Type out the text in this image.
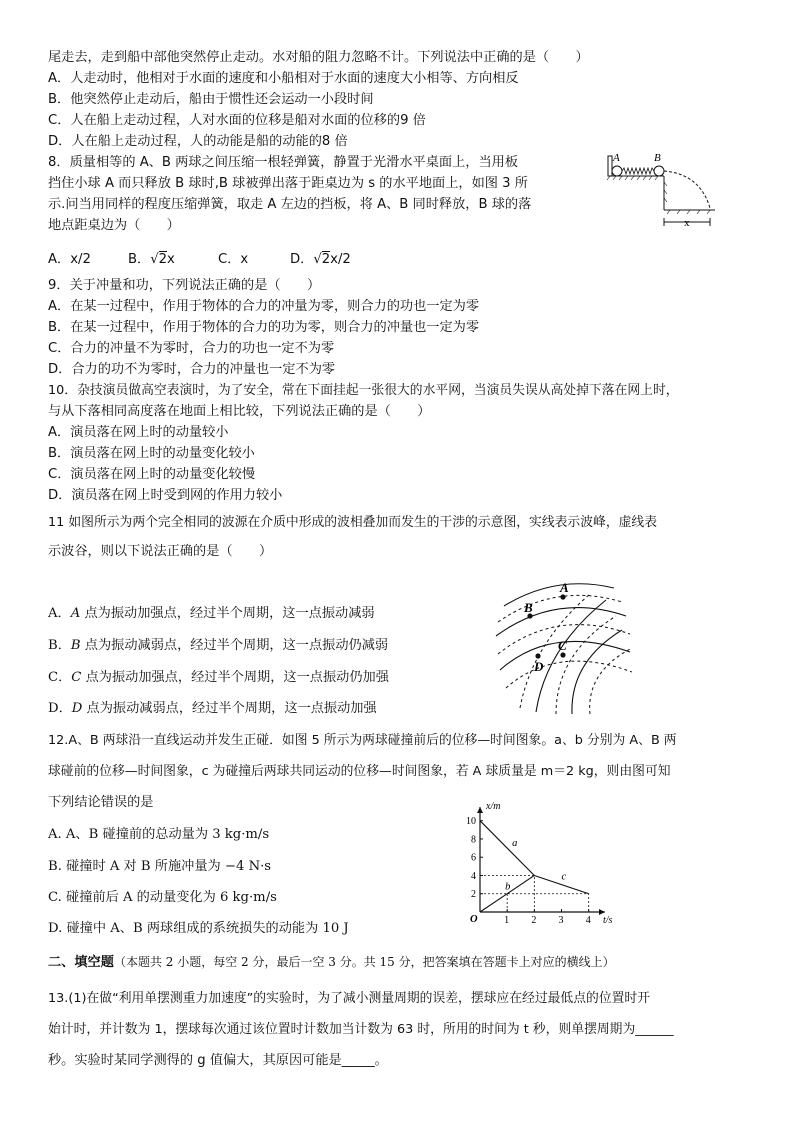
尾走去，走到船中部他突然停止走动。水对船的阻力忽略不计。下列说法中正确的是（　　）
A．人走动时，他相对于水面的速度和小船相对于水面的速度大小相等、方向相反
B．他突然停止走动后，船由于惯性还会运动一小段时间
C．人在船上走动过程，人对水面的位移是船对水面的位移的9 倍
D．人在船上走动过程，人的动能是船的动能的8 倍
8．质量相等的 A、B 两球之间压缩一根轻弹簧，静置于光滑水平桌面上，当用板
挡住小球 A 而只释放 B 球时,B 球被弹出落于距桌边为 s 的水平地面上，如图 3 所
示.问当用同样的程度压缩弹簧，取走 A 左边的挡板，将 A、B 同时释放，B 球的落
地点距桌边为（　　）
A．x/2	B．√2x	C．x	D．√2x/2
A	B
x
9．关于冲量和功，下列说法正确的是（　　）
A．在某一过程中，作用于物体的合力的冲量为零，则合力的功也一定为零
B．在某一过程中，作用于物体的合力的功为零，则合力的冲量也一定为零
C．合力的冲量不为零时，合力的功也一定不为零
D．合力的功不为零时，合力的冲量也一定不为零
10．杂技演员做高空表演时，为了安全，常在下面挂起一张很大的水平网，当演员失误从高处掉下落在网上时，
与从下落相同高度落在地面上相比较，下列说法正确的是（　　）
A．演员落在网上时的动量较小
B．演员落在网上时的动量变化较小
C．演员落在网上时的动量变化较慢
D．演员落在网上时受到网的作用力较小
11 如图所示为两个完全相同的波源在介质中形成的波相叠加而发生的干涉的示意图，实线表示波峰，虚线表
示波谷，则以下说法正确的是（　　）
A．A 点为振动加强点，经过半个周期，这一点振动减弱
B．B 点为振动减弱点，经过半个周期，这一点振动仍减弱
C．C 点为振动加强点，经过半个周期，这一点振动仍加强
D．D 点为振动减弱点，经过半个周期，这一点振动加强
A
B
C
D
12.A、B 两球沿一直线运动并发生正碰．如图 5 所示为两球碰撞前后的位移—时间图象。a、b 分别为 A、B 两
球碰前的位移—时间图象，c 为碰撞后两球共同运动的位移—时间图象，若 A 球质量是 m＝2 kg，则由图可知
下列结论错误的是
A. A、B 碰撞前的总动量为 3 kg·m/s
B. 碰撞时 A 对 B 所施冲量为 −4 N·s
C. 碰撞前后 A 的动量变化为 6 kg·m/s
D. 碰撞中 A、B 两球组成的系统损失的动能为 10 J
1 2 3 4
2
4
6
8
10
a
b
c
t/s
x/m
O
二、填空题（本题共 2 小题，每空 2 分，最后一空 3 分。共 15 分，把答案填在答题卡上对应的横线上）
13.(1)在做“利用单摆测重力加速度”的实验时，为了减小测量周期的误差，摆球应在经过最低点的位置时开
始计时，并计数为 1，摆球每次通过该位置时计数加当计数为 63 时，所用的时间为 t 秒，则单摆周期为______
秒。实验时某同学测得的 g 值偏大，其原因可能是_____。
